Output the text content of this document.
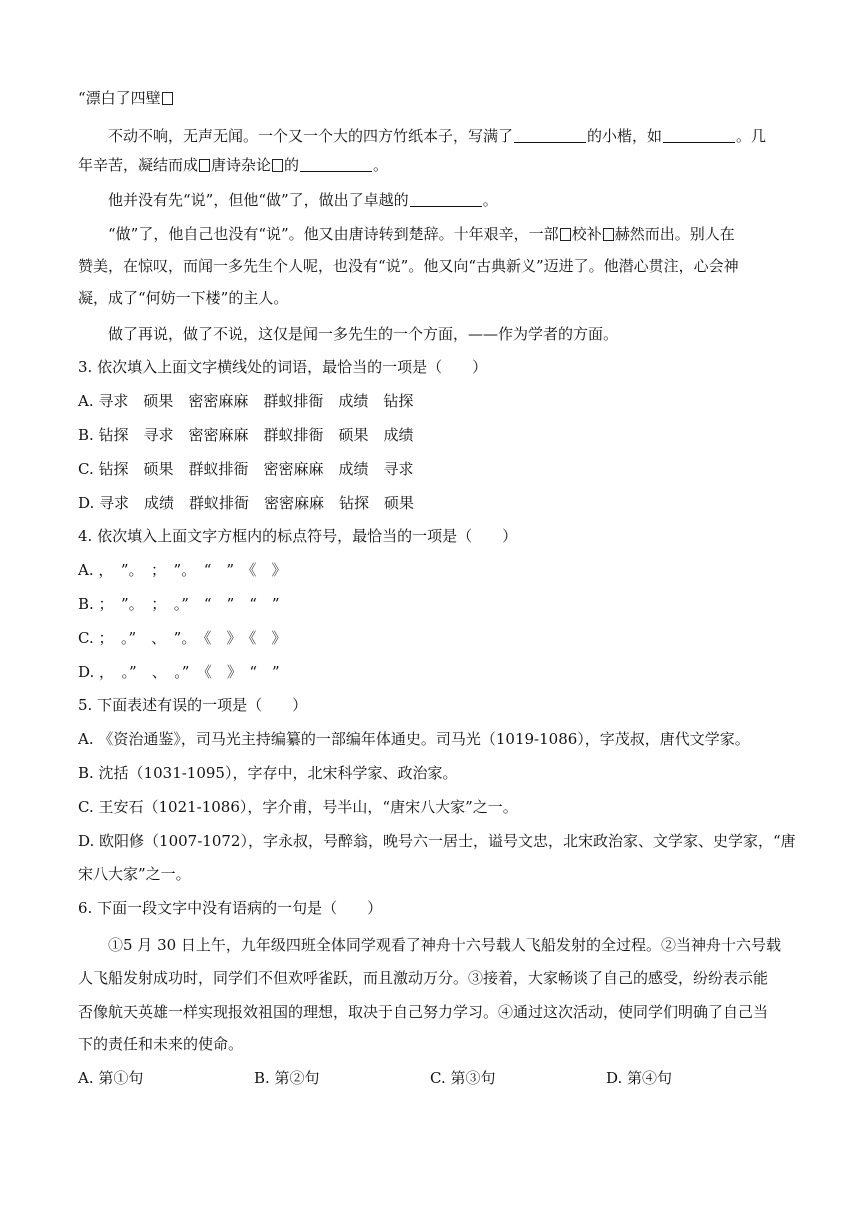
“漂白了四壁
不动不响，无声无闻。一个又一个大的四方竹纸本子，写满了	的小楷，如	。几
年辛苦，凝结而成 唐诗杂论 的	。
他并没有先“说”，但他“做”了，做出了卓越的	。
“做”了，他自己也没有“说”。他又由唐诗转到楚辞。十年艰辛，一部 校补 赫然而出。别人在
赞美，在惊叹，而闻一多先生个人呢，也没有“说”。他又向“古典新义”迈进了。他潜心贯注，心会神
凝，成了“何妨一下楼”的主人。
做了再说，做了不说，这仅是闻一多先生的一个方面，——作为学者的方面。
3. 依次填入上面文字横线处的词语，最恰当的一项是（　　）
A. 寻求　硕果　密密麻麻　群蚁排衙　成绩　钻探
B. 钻探　寻求　密密麻麻　群蚁排衙　硕果　成绩
C. 钻探　硕果　群蚁排衙　密密麻麻　成绩　寻求
D. 寻求　成绩　群蚁排衙　密密麻麻　钻探　硕果
4. 依次填入上面文字方框内的标点符号，最恰当的一项是（　　）
A. ，　”。　；　”。　“　”　《　》
B. ；　”。　；　。”　“　”　“　”
C. ；　。”　、　”。　《　》　《　》
D. ，　。”　、　。”　《　》　“　”
5. 下面表述有误的一项是（　　）
A. 《资治通鉴》，司马光主持编纂的一部编年体通史。司马光（1019-1086），字茂叔，唐代文学家。
B. 沈括（1031-1095），字存中，北宋科学家、政治家。
C. 王安石（1021-1086），字介甫，号半山，“唐宋八大家”之一。
D. 欧阳修（1007-1072），字永叔，号醉翁，晚号六一居士，谥号文忠，北宋政治家、文学家、史学家，“唐
宋八大家”之一。
6. 下面一段文字中没有语病的一句是（　　）
①5 月 30 日上午，九年级四班全体同学观看了神舟十六号载人飞船发射的全过程。②当神舟十六号载
人飞船发射成功时，同学们不但欢呼雀跃，而且激动万分。③接着，大家畅谈了自己的感受，纷纷表示能
否像航天英雄一样实现报效祖国的理想，取决于自己努力学习。④通过这次活动，使同学们明确了自己当
下的责任和未来的使命。
A. 第①句	B. 第②句	C. 第③句	D. 第④句
